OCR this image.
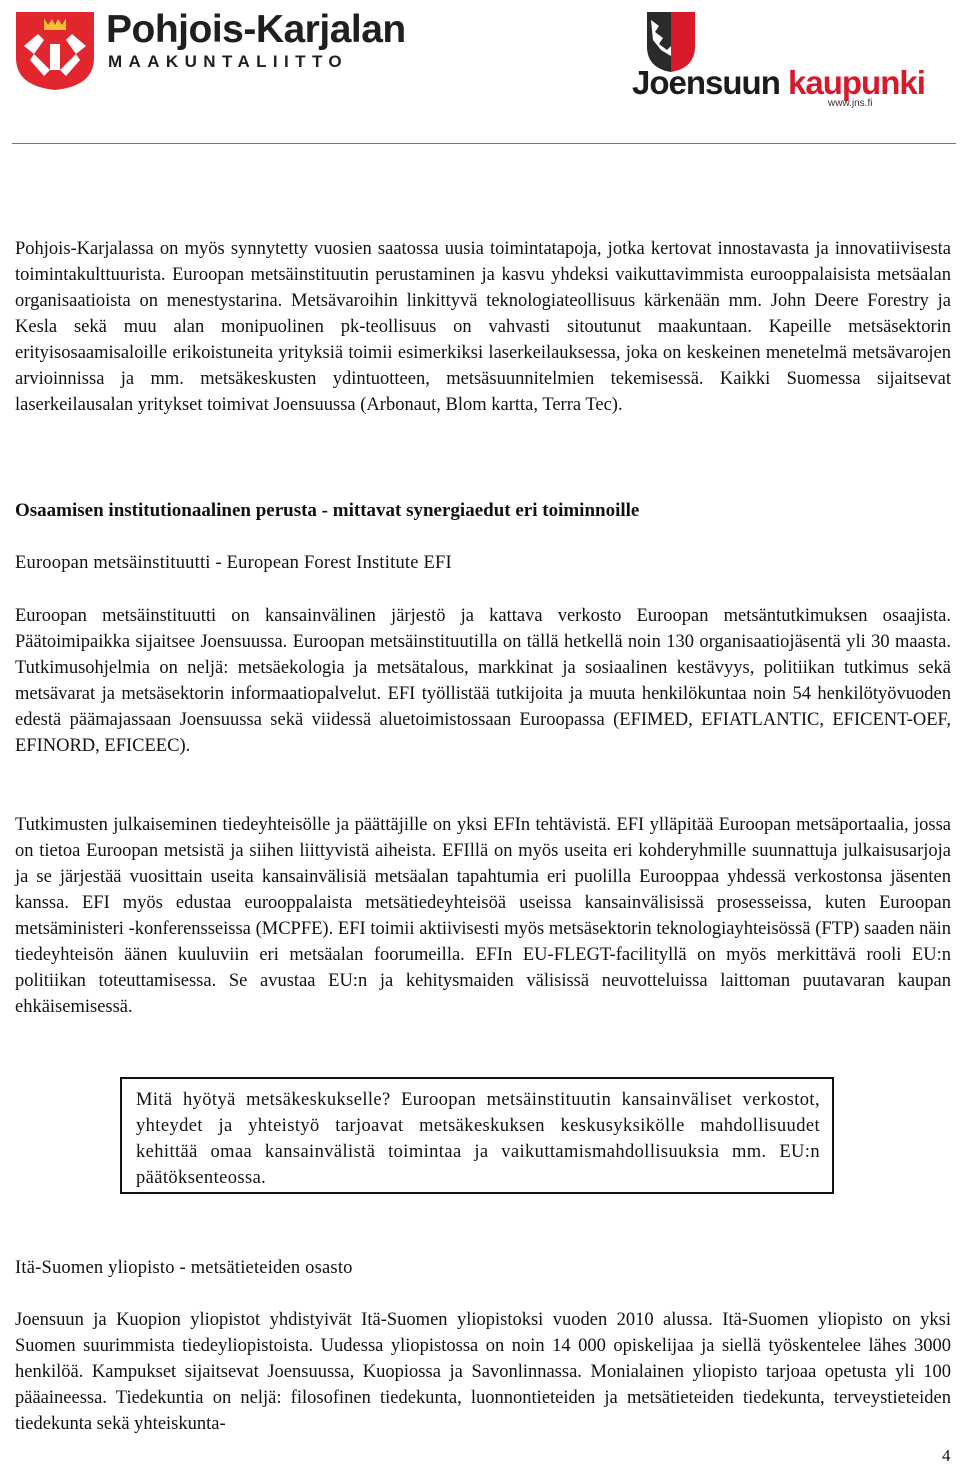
Pohjois-Karjalan
MAAKUNTALIITTO
Joensuun kaupunki
www.jns.fi

Pohjois-Karjalassa on myös synnytetty vuosien saatossa uusia toimintatapoja, jotka kertovat innostavasta ja innovatiivisesta toimintakulttuurista. Euroopan metsäinstituutin perustaminen ja kasvu yhdeksi vaikuttavimmista eurooppalaisista metsäalan organisaatioista on menestystarina. Metsävaroihin linkittyvä teknologiateollisuus kärkenään mm. John Deere Forestry ja Kesla sekä muu alan monipuolinen pk-teollisuus on vahvasti sitoutunut maakuntaan. Kapeille metsäsektorin erityisosaamisaloille erikoistuneita yrityksiä toimii esimerkiksi laserkeilauksessa, joka on keskeinen menetelmä metsävarojen arvioinnissa ja mm. metsäkeskusten ydintuotteen, metsäsuunnitelmien tekemisessä. Kaikki Suomessa sijaitsevat laserkeilausalan yritykset toimivat Joensuussa (Arbonaut, Blom kartta, Terra Tec).

Osaamisen institutionaalinen perusta - mittavat synergiaedut eri toiminnoille

Euroopan metsäinstituutti - European Forest Institute EFI

Euroopan metsäinstituutti on kansainvälinen järjestö ja kattava verkosto Euroopan metsäntutkimuksen osaajista. Päätoimipaikka sijaitsee Joensuussa. Euroopan metsäinstituutilla on tällä hetkellä noin 130 organisaatiojäsentä yli 30 maasta. Tutkimusohjelmia on neljä: metsäekologia ja metsätalous, markkinat ja sosiaalinen kestävyys, politiikan tutkimus sekä metsävarat ja metsäsektorin informaatiopalvelut. EFI työllistää tutkijoita ja muuta henkilökuntaa noin 54 henkilötyövuoden edestä päämajassaan Joensuussa sekä viidessä aluetoimistossaan Euroopassa (EFIMED, EFIATLANTIC, EFICENT-OEF, EFINORD, EFICEEC).

Tutkimusten julkaiseminen tiedeyhteisölle ja päättäjille on yksi EFIn tehtävistä. EFI ylläpitää Euroopan metsäportaalia, jossa on tietoa Euroopan metsistä ja siihen liittyvistä aiheista. EFIllä on myös useita eri kohderyhmille suunnattuja julkaisusarjoja ja se järjestää vuosittain useita kansainvälisiä metsäalan tapahtumia eri puolilla Eurooppaa yhdessä verkostonsa jäsenten kanssa. EFI myös edustaa eurooppalaista metsätiedeyhteisöä useissa kansainvälisissä prosesseissa, kuten Euroopan metsäministeri -konferensseissa (MCPFE). EFI toimii aktiivisesti myös metsäsektorin teknologiayhteisössä (FTP) saaden näin tiedeyhteisön äänen kuuluviin eri metsäalan foorumeilla. EFIn EU-FLEGT-facilityllä on myös merkittävä rooli EU:n politiikan toteuttamisessa. Se avustaa EU:n ja kehitysmaiden välisissä neuvotteluissa laittoman puutavaran kaupan ehkäisemisessä.

Mitä hyötyä metsäkeskukselle? Euroopan metsäinstituutin kansainväliset verkostot, yhteydet ja yhteistyö tarjoavat metsäkeskuksen keskusyksikölle mahdollisuudet kehittää omaa kansainvälistä toimintaa ja vaikuttamismahdollisuuksia mm. EU:n päätöksenteossa.

Itä-Suomen yliopisto - metsätieteiden osasto

Joensuun ja Kuopion yliopistot yhdistyivät Itä-Suomen yliopistoksi vuoden 2010 alussa. Itä-Suomen yliopisto on yksi Suomen suurimmista tiedeyliopistoista. Uudessa yliopistossa on noin 14 000 opiskelijaa ja siellä työskentelee lähes 3000 henkilöä. Kampukset sijaitsevat Joensuussa, Kuopiossa ja Savonlinnassa. Monialainen yliopisto tarjoaa opetusta yli 100 pääaineessa. Tiedekuntia on neljä: filosofinen tiedekunta, luonnontieteiden ja metsätieteiden tiedekunta, terveystieteiden tiedekunta sekä yhteiskunta-

4
